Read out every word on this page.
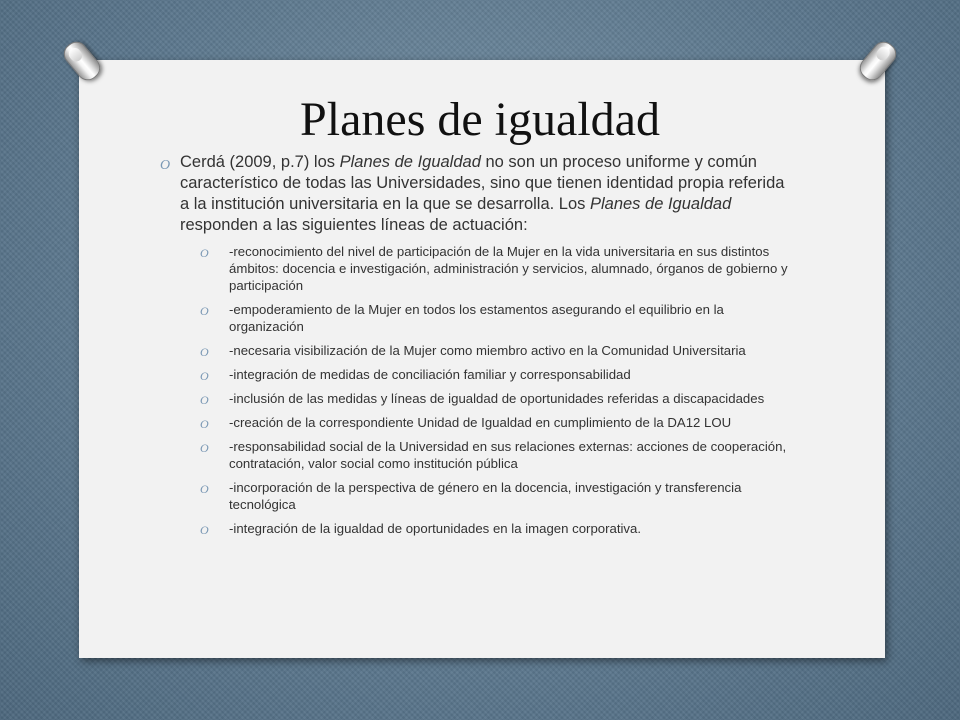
Planes de igualdad
O Cerdá (2009, p.7) los Planes de Igualdad no son un proceso uniforme y común característico de todas las Universidades, sino que tienen identidad propia referida a la institución universitaria en la que se desarrolla. Los Planes de Igualdad responden a las siguientes líneas de actuación:
O -reconocimiento del nivel de participación de la Mujer en la vida universitaria en sus distintos ámbitos: docencia e investigación, administración y servicios, alumnado, órganos de gobierno y participación
O -empoderamiento de la Mujer en todos los estamentos asegurando el equilibrio en la organización
O -necesaria visibilización de la Mujer como miembro activo en la Comunidad Universitaria
O -integración de medidas de conciliación familiar y corresponsabilidad
O -inclusión de las medidas y líneas de igualdad de oportunidades referidas a discapacidades
O -creación de la correspondiente Unidad de Igualdad en cumplimiento de la DA12 LOU
O -responsabilidad social de la Universidad en sus relaciones externas: acciones de cooperación, contratación, valor social como institución pública
O -incorporación de la perspectiva de género en la docencia, investigación y transferencia tecnológica
O -integración de la igualdad de oportunidades en la imagen corporativa.
